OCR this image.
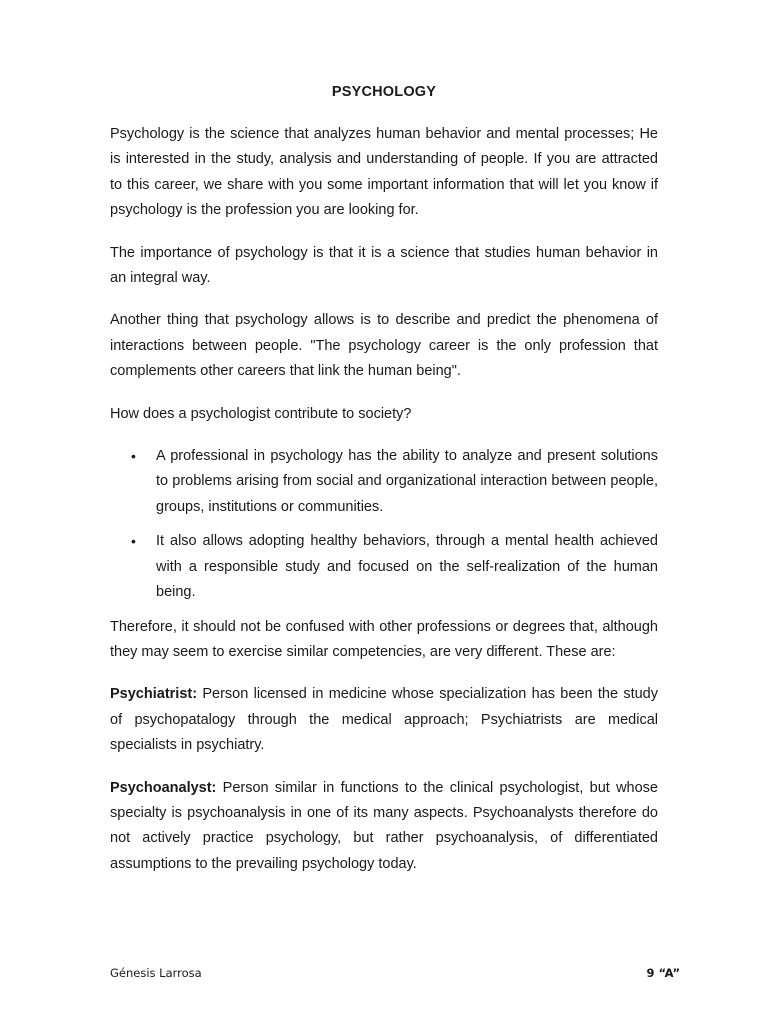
PSYCHOLOGY

Psychology is the science that analyzes human behavior and mental processes; He is interested in the study, analysis and understanding of people. If you are attracted to this career, we share with you some important information that will let you know if psychology is the profession you are looking for.

The importance of psychology is that it is a science that studies human behavior in an integral way.

Another thing that psychology allows is to describe and predict the phenomena of interactions between people. "The psychology career is the only profession that complements other careers that link the human being".

How does a psychologist contribute to society?

• A professional in psychology has the ability to analyze and present solutions to problems arising from social and organizational interaction between people, groups, institutions or communities.
• It also allows adopting healthy behaviors, through a mental health achieved with a responsible study and focused on the self-realization of the human being.

Therefore, it should not be confused with other professions or degrees that, although they may seem to exercise similar competencies, are very different. These are:

Psychiatrist: Person licensed in medicine whose specialization has been the study of psychopatalogy through the medical approach; Psychiatrists are medical specialists in psychiatry.

Psychoanalyst: Person similar in functions to the clinical psychologist, but whose specialty is psychoanalysis in one of its many aspects. Psychoanalysts therefore do not actively practice psychology, but rather psychoanalysis, of differentiated assumptions to the prevailing psychology today.

Génesis Larrosa	9 “A”
